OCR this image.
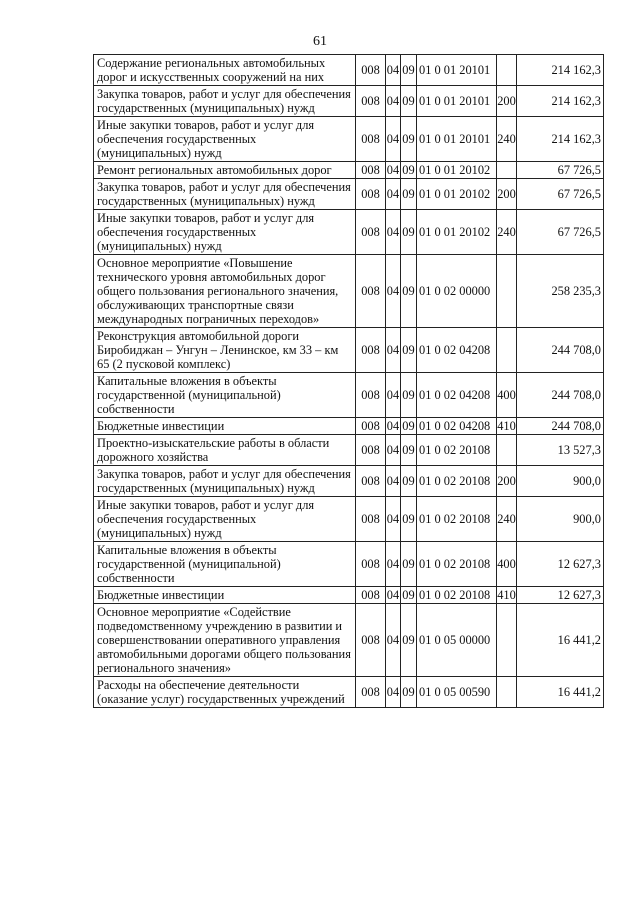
61
Содержание региональных автомобильных дорог и искусственных сооружений на них	008	04	09	01 0 01 20101		214 162,3
Закупка товаров, работ и услуг для обеспечения государственных (муниципальных) нужд	008	04	09	01 0 01 20101	200	214 162,3
Иные закупки товаров, работ и услуг для обеспечения государственных (муниципальных) нужд	008	04	09	01 0 01 20101	240	214 162,3
Ремонт региональных автомобильных дорог	008	04	09	01 0 01 20102		67 726,5
Закупка товаров, работ и услуг для обеспечения государственных (муниципальных) нужд	008	04	09	01 0 01 20102	200	67 726,5
Иные закупки товаров, работ и услуг для обеспечения государственных (муниципальных) нужд	008	04	09	01 0 01 20102	240	67 726,5
Основное мероприятие «Повышение технического уровня автомобильных дорог общего пользования регионального значения, обслуживающих транспортные связи международных пограничных переходов»	008	04	09	01 0 02 00000		258 235,3
Реконструкция автомобильной дороги Биробиджан – Унгун – Ленинское, км 33 – км 65 (2 пусковой комплекс)	008	04	09	01 0 02 04208		244 708,0
Капитальные вложения в объекты государственной (муниципальной) собственности	008	04	09	01 0 02 04208	400	244 708,0
Бюджетные инвестиции	008	04	09	01 0 02 04208	410	244 708,0
Проектно-изыскательские работы в области дорожного хозяйства	008	04	09	01 0 02 20108		13 527,3
Закупка товаров, работ и услуг для обеспечения государственных (муниципальных) нужд	008	04	09	01 0 02 20108	200	900,0
Иные закупки товаров, работ и услуг для обеспечения государственных (муниципальных) нужд	008	04	09	01 0 02 20108	240	900,0
Капитальные вложения в объекты государственной (муниципальной) собственности	008	04	09	01 0 02 20108	400	12 627,3
Бюджетные инвестиции	008	04	09	01 0 02 20108	410	12 627,3
Основное мероприятие «Содействие подведомственному учреждению в развитии и совершенствовании оперативного управления автомобильными дорогами общего пользования регионального значения»	008	04	09	01 0 05 00000		16 441,2
Расходы на обеспечение деятельности (оказание услуг) государственных учреждений	008	04	09	01 0 05 00590		16 441,2
